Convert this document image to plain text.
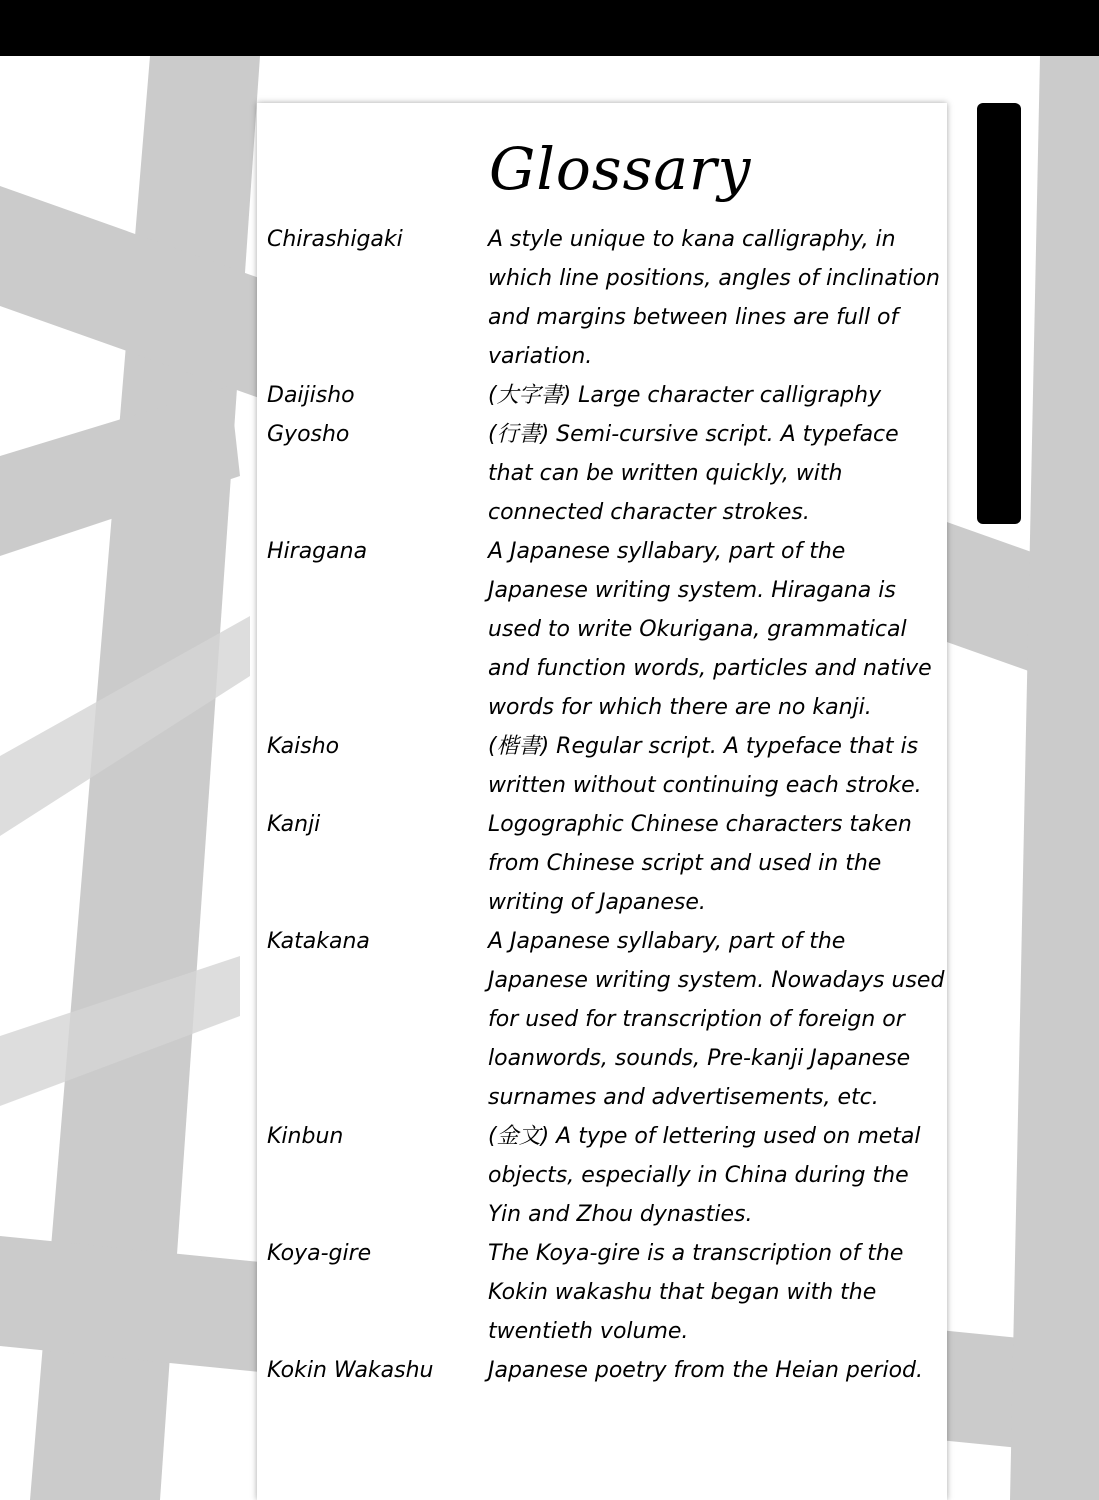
Glossary
Chirashigaki	A style unique to kana calligraphy, in which line positions, angles of inclination and margins between lines are full of variation.
Daijisho	(大字書) Large character calligraphy
Gyosho	(行書) Semi-cursive script. A typeface that can be written quickly, with connected character strokes.
Hiragana	A Japanese syllabary, part of the Japanese writing system. Hiragana is used to write Okurigana, grammatical and function words, particles and native words for which there are no kanji.
Kaisho	(楷書) Regular script. A typeface that is written without continuing each stroke.
Kanji	Logographic Chinese characters taken from Chinese script and used in the writing of Japanese.
Katakana	A Japanese syllabary, part of the Japanese writing system. Nowadays used for used for transcription of foreign or loanwords, sounds, Pre-kanji Japanese surnames and advertisements, etc.
Kinbun	(金文) A type of lettering used on metal objects, especially in China during the Yin and Zhou dynasties.
Koya-gire	The Koya-gire is a transcription of the Kokin wakashu that began with the twentieth volume.
Kokin Wakashu	Japanese poetry from the Heian period.
